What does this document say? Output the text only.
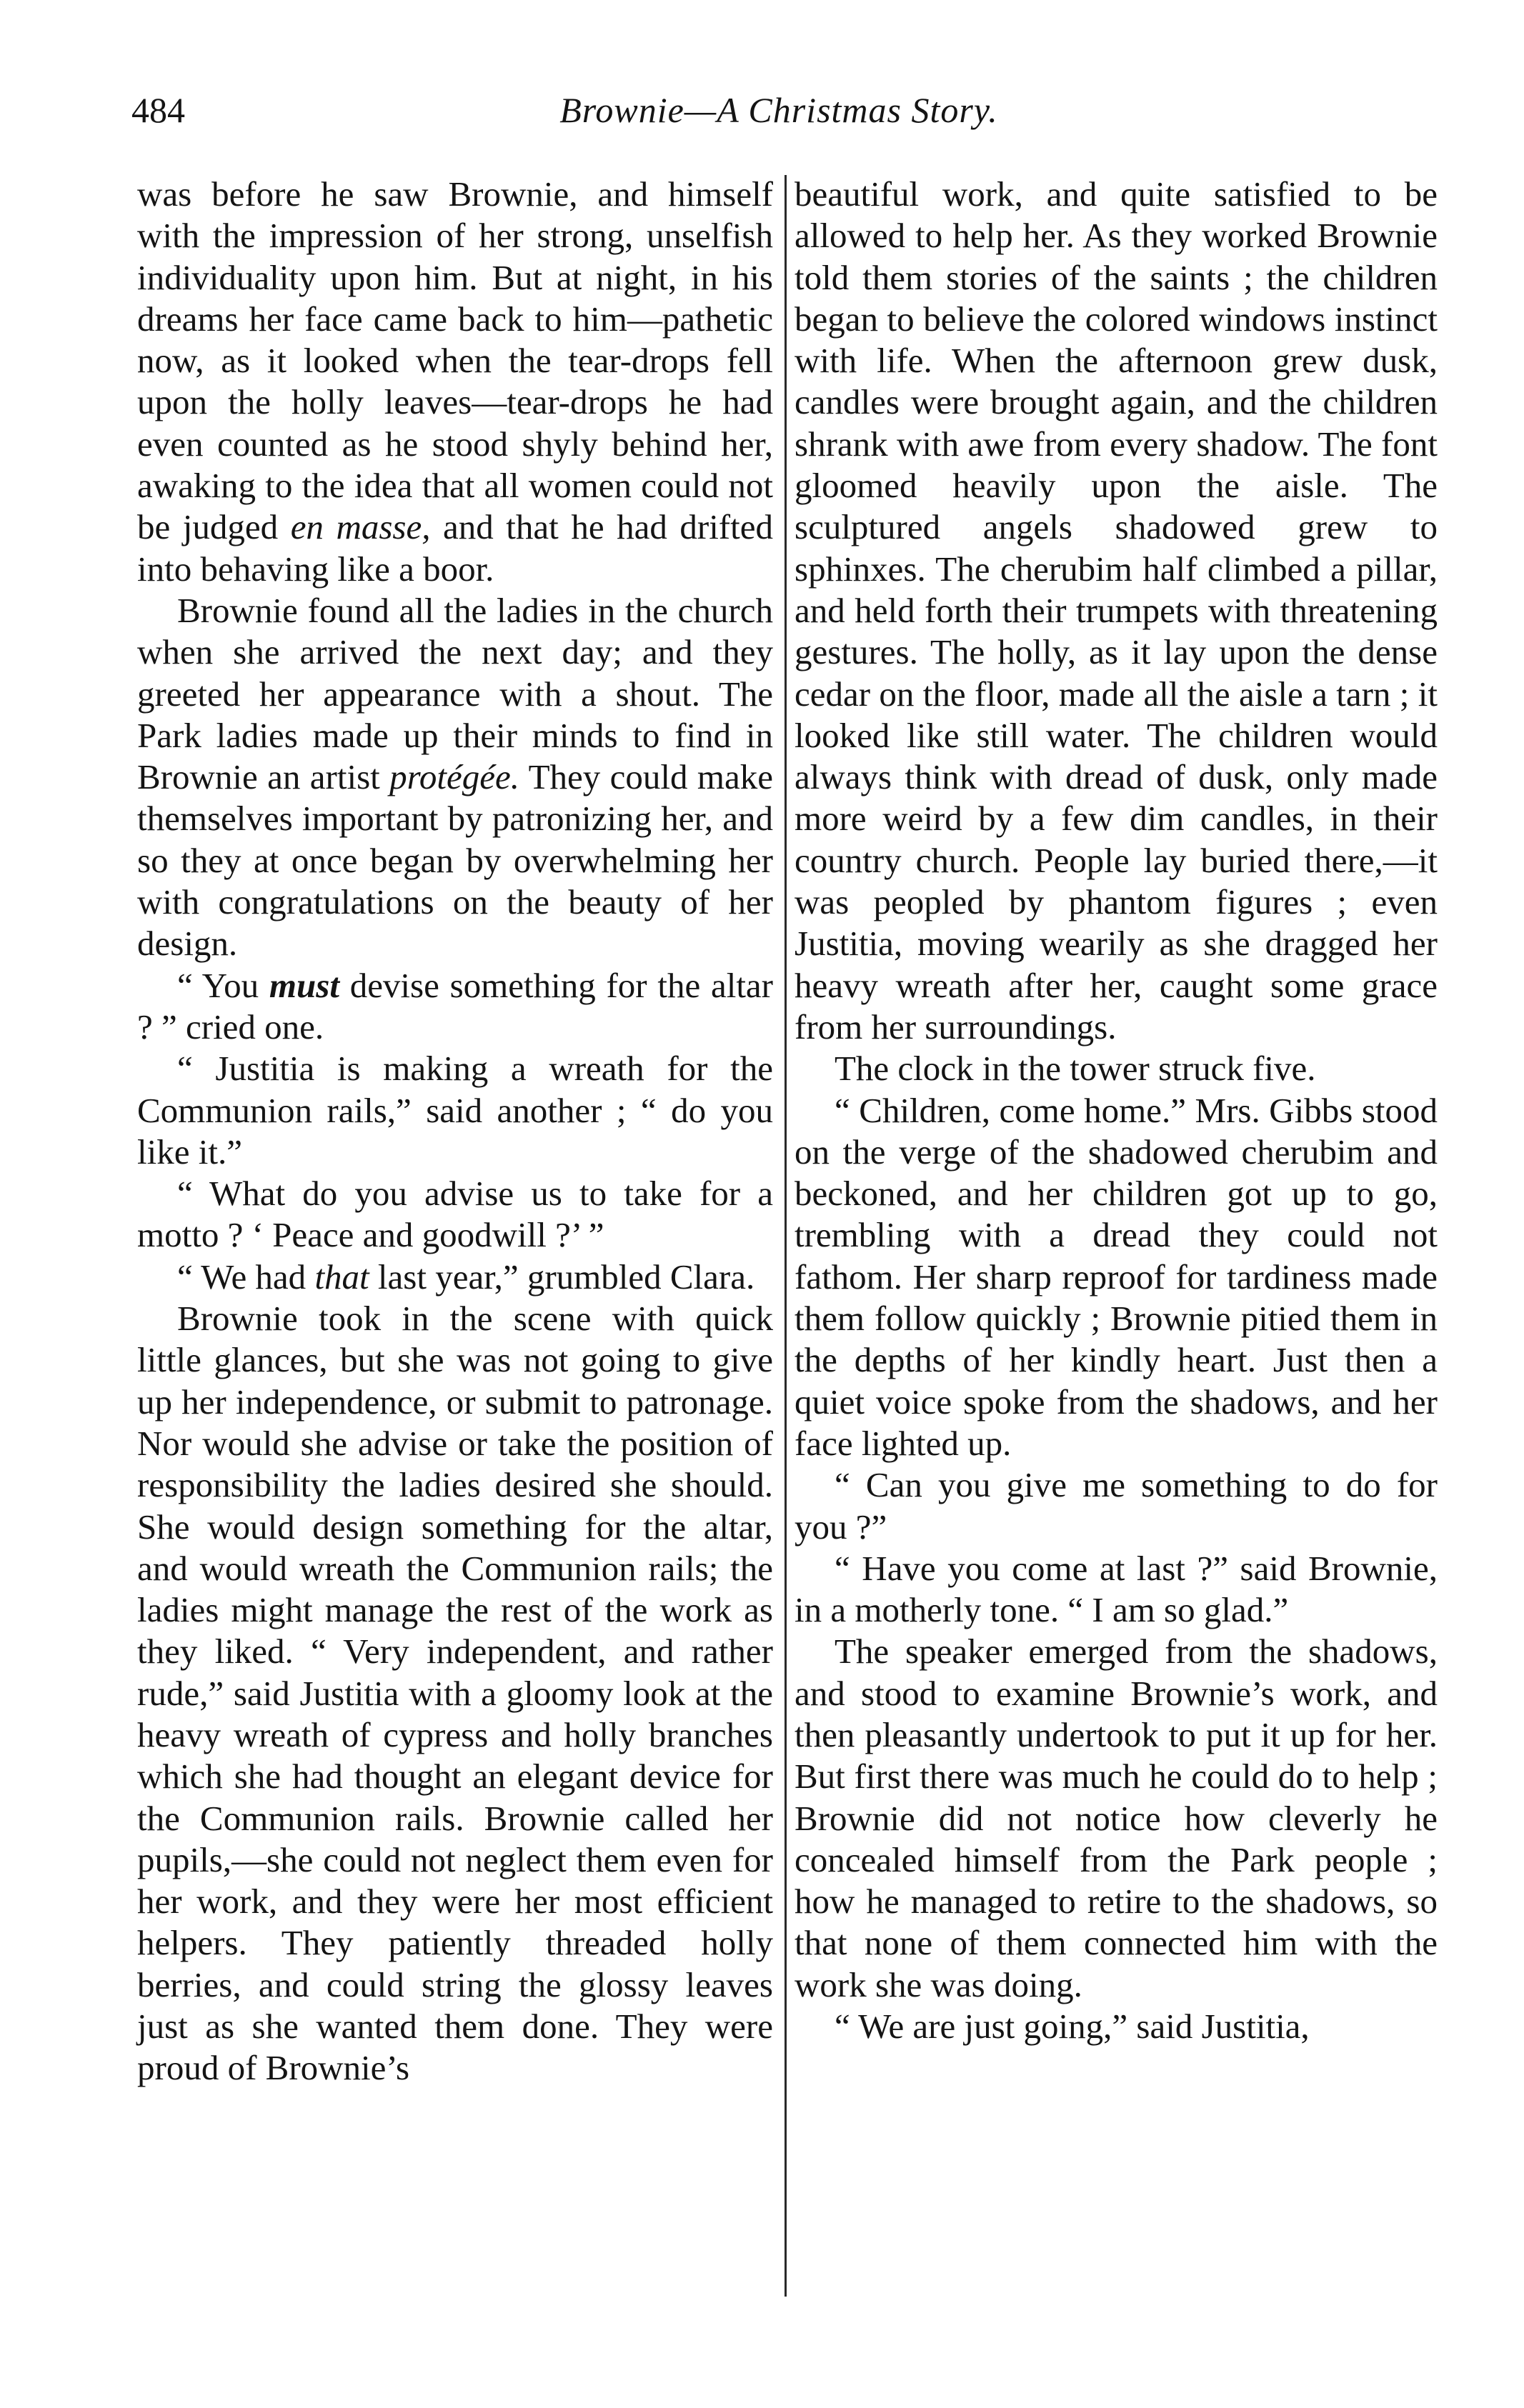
484	Brownie—A Christmas Story.

was before he saw Brownie, and himself with the impression of her strong, unselfish individuality upon him. But at night, in his dreams her face came back to him—pathetic now, as it looked when the tear-drops fell upon the holly leaves—tear-drops he had even counted as he stood shyly behind her, awaking to the idea that all women could not be judged en masse, and that he had drifted into behaving like a boor.

Brownie found all the ladies in the church when she arrived the next day; and they greeted her appearance with a shout. The Park ladies made up their minds to find in Brownie an artist protégée. They could make themselves important by patronizing her, and so they at once began by overwhelming her with congratulations on the beauty of her design.

“ You must devise something for the altar ? ” cried one.

“ Justitia is making a wreath for the Communion rails,” said another ; “ do you like it.”

“ What do you advise us to take for a motto ? ‘ Peace and goodwill ?’ ”

“ We had that last year,” grumbled Clara.

Brownie took in the scene with quick little glances, but she was not going to give up her independence, or submit to patronage. Nor would she advise or take the position of responsibility the ladies desired she should. She would design something for the altar, and would wreath the Communion rails; the ladies might manage the rest of the work as they liked. “ Very independent, and rather rude,” said Justitia with a gloomy look at the heavy wreath of cypress and holly branches which she had thought an elegant device for the Communion rails. Brownie called her pupils,—she could not neglect them even for her work, and they were her most efficient helpers. They patiently threaded holly berries, and could string the glossy leaves just as she wanted them done. They were proud of Brownie’s

beautiful work, and quite satisfied to be allowed to help her. As they worked Brownie told them stories of the saints ; the children began to believe the colored windows instinct with life. When the afternoon grew dusk, candles were brought again, and the children shrank with awe from every shadow. The font gloomed heavily upon the aisle. The sculptured angels shadowed grew to sphinxes. The cherubim half climbed a pillar, and held forth their trumpets with threatening gestures. The holly, as it lay upon the dense cedar on the floor, made all the aisle a tarn ; it looked like still water. The children would always think with dread of dusk, only made more weird by a few dim candles, in their country church. People lay buried there,—it was peopled by phantom figures ; even Justitia, moving wearily as she dragged her heavy wreath after her, caught some grace from her surroundings.

The clock in the tower struck five.

“ Children, come home.” Mrs. Gibbs stood on the verge of the shadowed cherubim and beckoned, and her children got up to go, trembling with a dread they could not fathom. Her sharp reproof for tardiness made them follow quickly ; Brownie pitied them in the depths of her kindly heart. Just then a quiet voice spoke from the shadows, and her face lighted up.

“ Can you give me something to do for you ?”

“ Have you come at last ?” said Brownie, in a motherly tone. “ I am so glad.”

The speaker emerged from the shadows, and stood to examine Brownie’s work, and then pleasantly undertook to put it up for her. But first there was much he could do to help ; Brownie did not notice how cleverly he concealed himself from the Park people ; how he managed to retire to the shadows, so that none of them connected him with the work she was doing.

“ We are just going,” said Justitia,
